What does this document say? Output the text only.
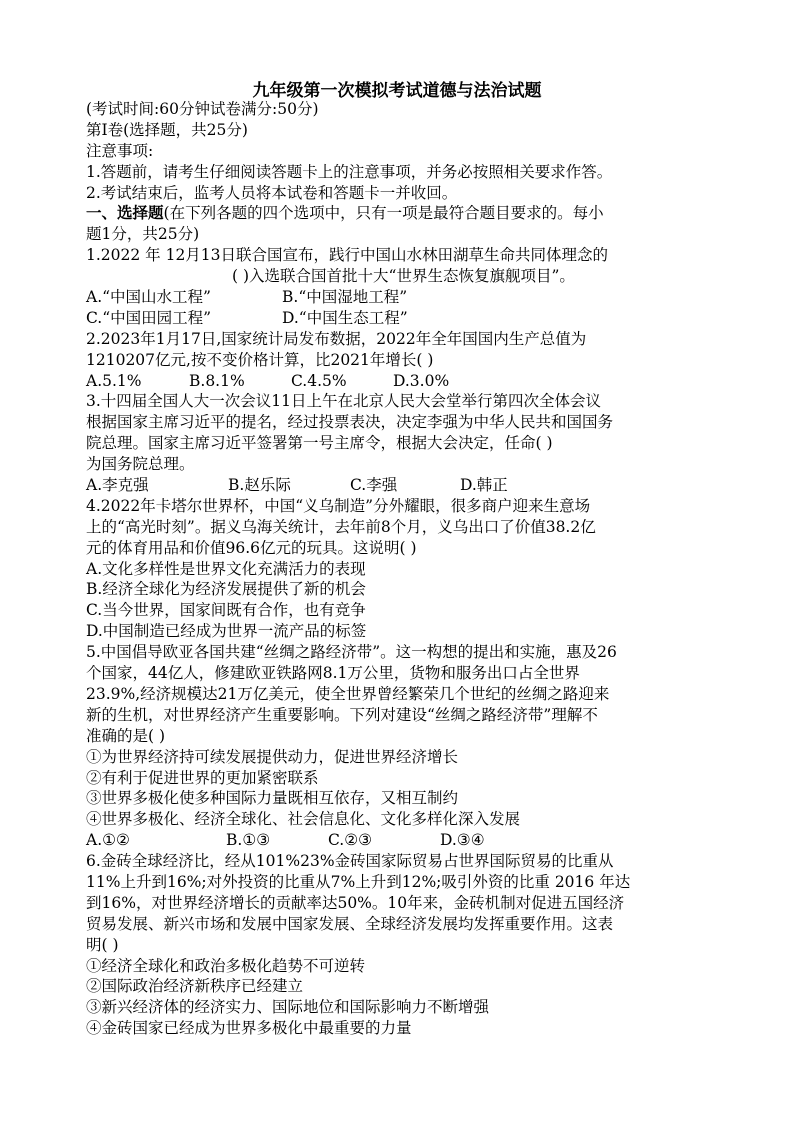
九年级第一次模拟考试道德与法治试题
(考试时间:60分钟试卷满分:50分)
第Ⅰ卷(选择题，共25分)
注意事项:
1.答题前，请考生仔细阅读答题卡上的注意事项，并务必按照相关要求作答。
2.考试结束后，监考人员将本试卷和答题卡一并收回。
一、选择题(在下列各题的四个选项中，只有一项是最符合题目要求的。每小
题1分，共25分)
1.2022 年 12月13日联合国宣布，践行中国山水林田湖草生命共同体理念的
( )入选联合国首批十大“世界生态恢复旗舰项目”。
A.“中国山水工程”	B.“中国湿地工程”
C.“中国田园工程”	D.“中国生态工程”
2.2023年1月17日,国家统计局发布数据，2022年全年国国内生产总值为
1210207亿元,按不变价格计算，比2021年增长( )
A.5.1%	B.8.1%	C.4.5%	D.3.0%
3.十四届全国人大一次会议11日上午在北京人民大会堂举行第四次全体会议
根据国家主席习近平的提名，经过投票表决，决定李强为中华人民共和国国务
院总理。国家主席习近平签署第一号主席令，根据大会决定，任命( )
为国务院总理。
A.李克强	B.赵乐际	C.李强	D.韩正
4.2022年卡塔尔世界杯，中国“义乌制造”分外耀眼，很多商户迎来生意场
上的“高光时刻”。据义乌海关统计，去年前8个月，义乌出口了价值38.2亿
元的体育用品和价值96.6亿元的玩具。这说明( )
A.文化多样性是世界文化充满活力的表现
B.经济全球化为经济发展提供了新的机会
C.当今世界，国家间既有合作，也有竞争
D.中国制造已经成为世界一流产品的标签
5.中国倡导欧亚各国共建“丝绸之路经济带”。这一构想的提出和实施，惠及26
个国家，44亿人，修建欧亚铁路网8.1万公里，货物和服务出口占全世界
23.9%,经济规模达21万亿美元，使全世界曾经繁荣几个世纪的丝绸之路迎来
新的生机，对世界经济产生重要影响。下列对建设“丝绸之路经济带”理解不
准确的是( )
①为世界经济持可续发展提供动力，促进世界经济增长
②有利于促进世界的更加紧密联系
③世界多极化使多种国际力量既相互依存，又相互制约
④世界多极化、经济全球化、社会信息化、文化多样化深入发展
A.①②	B.①③	C.②③	D.③④
6.金砖全球经济比，经从101%23%金砖国家际贸易占世界国际贸易的比重从
11%上升到16%;对外投资的比重从7%上升到12%;吸引外资的比重 2016 年达
到16%，对世界经济增长的贡献率达50%。10年来，金砖机制对促进五国经济
贸易发展、新兴市场和发展中国家发展、全球经济发展均发挥重要作用。这表
明( )
①经济全球化和政治多极化趋势不可逆转
②国际政治经济新秩序已经建立
③新兴经济体的经济实力、国际地位和国际影响力不断增强
④金砖国家已经成为世界多极化中最重要的力量
